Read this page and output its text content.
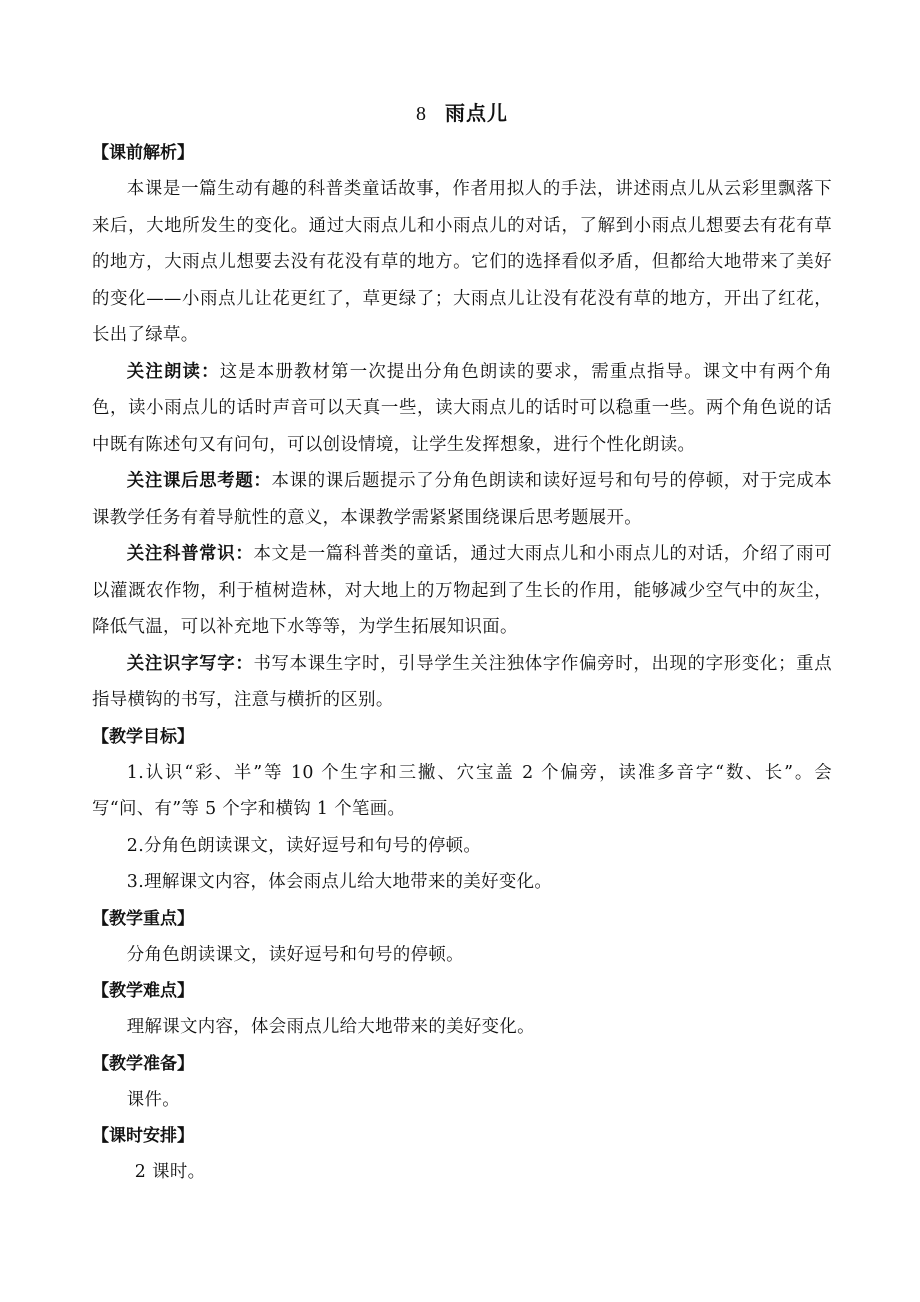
8 雨点儿

【课前解析】

本课是一篇生动有趣的科普类童话故事，作者用拟人的手法，讲述雨点儿从云彩里飘落下来后，大地所发生的变化。通过大雨点儿和小雨点儿的对话，了解到小雨点儿想要去有花有草的地方，大雨点儿想要去没有花没有草的地方。它们的选择看似矛盾，但都给大地带来了美好的变化——小雨点儿让花更红了，草更绿了；大雨点儿让没有花没有草的地方，开出了红花，长出了绿草。

关注朗读：这是本册教材第一次提出分角色朗读的要求，需重点指导。课文中有两个角色，读小雨点儿的话时声音可以天真一些，读大雨点儿的话时可以稳重一些。两个角色说的话中既有陈述句又有问句，可以创设情境，让学生发挥想象，进行个性化朗读。

关注课后思考题：本课的课后题提示了分角色朗读和读好逗号和句号的停顿，对于完成本课教学任务有着导航性的意义，本课教学需紧紧围绕课后思考题展开。

关注科普常识：本文是一篇科普类的童话，通过大雨点儿和小雨点儿的对话，介绍了雨可以灌溉农作物，利于植树造林，对大地上的万物起到了生长的作用，能够减少空气中的灰尘，降低气温，可以补充地下水等等，为学生拓展知识面。

关注识字写字：书写本课生字时，引导学生关注独体字作偏旁时，出现的字形变化；重点指导横钩的书写，注意与横折的区别。

【教学目标】

1.认识“彩、半”等 10 个生字和三撇、穴宝盖 2 个偏旁，读准多音字“数、长”。会写“问、有”等 5 个字和横钩 1 个笔画。

2.分角色朗读课文，读好逗号和句号的停顿。

3.理解课文内容，体会雨点儿给大地带来的美好变化。

【教学重点】

分角色朗读课文，读好逗号和句号的停顿。

【教学难点】

理解课文内容，体会雨点儿给大地带来的美好变化。

【教学准备】

课件。

【课时安排】

2 课时。
